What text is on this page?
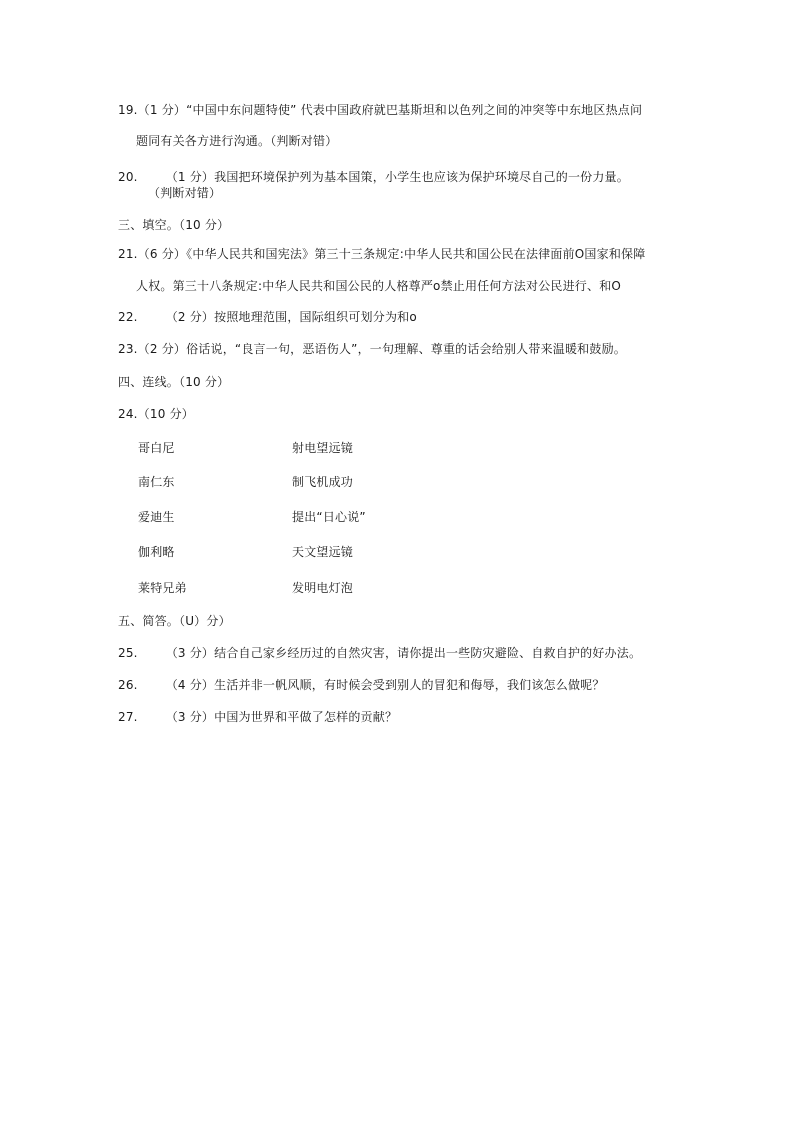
19.（1 分）“中国中东问题特使” 代表中国政府就巴基斯坦和以色列之间的冲突等中东地区热点问
题同有关各方进行沟通。（判断对错）
20. （1 分）我国把环境保护列为基本国策，小学生也应该为保护环境尽自己的一份力量。
（判断对错）
三、填空。（10 分）
21.（6 分）《中华人民共和国宪法》第三十三条规定:中华人民共和国公民在法律面前O国家和保障
人权。第三十八条规定:中华人民共和国公民的人格尊严o禁止用任何方法对公民进行、和O
22. （2 分）按照地理范围，国际组织可划分为和o
23.（2 分）俗话说，“良言一句，恶语伤人”，一句理解、尊重的话会给别人带来温暖和鼓励。
四、连线。（10 分）
24.（10 分）
哥白尼	射电望远镜
南仁东	制飞机成功
爱迪生	提出“日心说”
伽利略	天文望远镜
莱特兄弟	发明电灯泡
五、简答。（U）分）
25. （3 分）结合自己家乡经历过的自然灾害，请你提出一些防灾避险、自救自护的好办法。
26. （4 分）生活并非一帆风顺，有时候会受到别人的冒犯和侮辱，我们该怎么做呢？
27. （3 分）中国为世界和平做了怎样的贡献？
